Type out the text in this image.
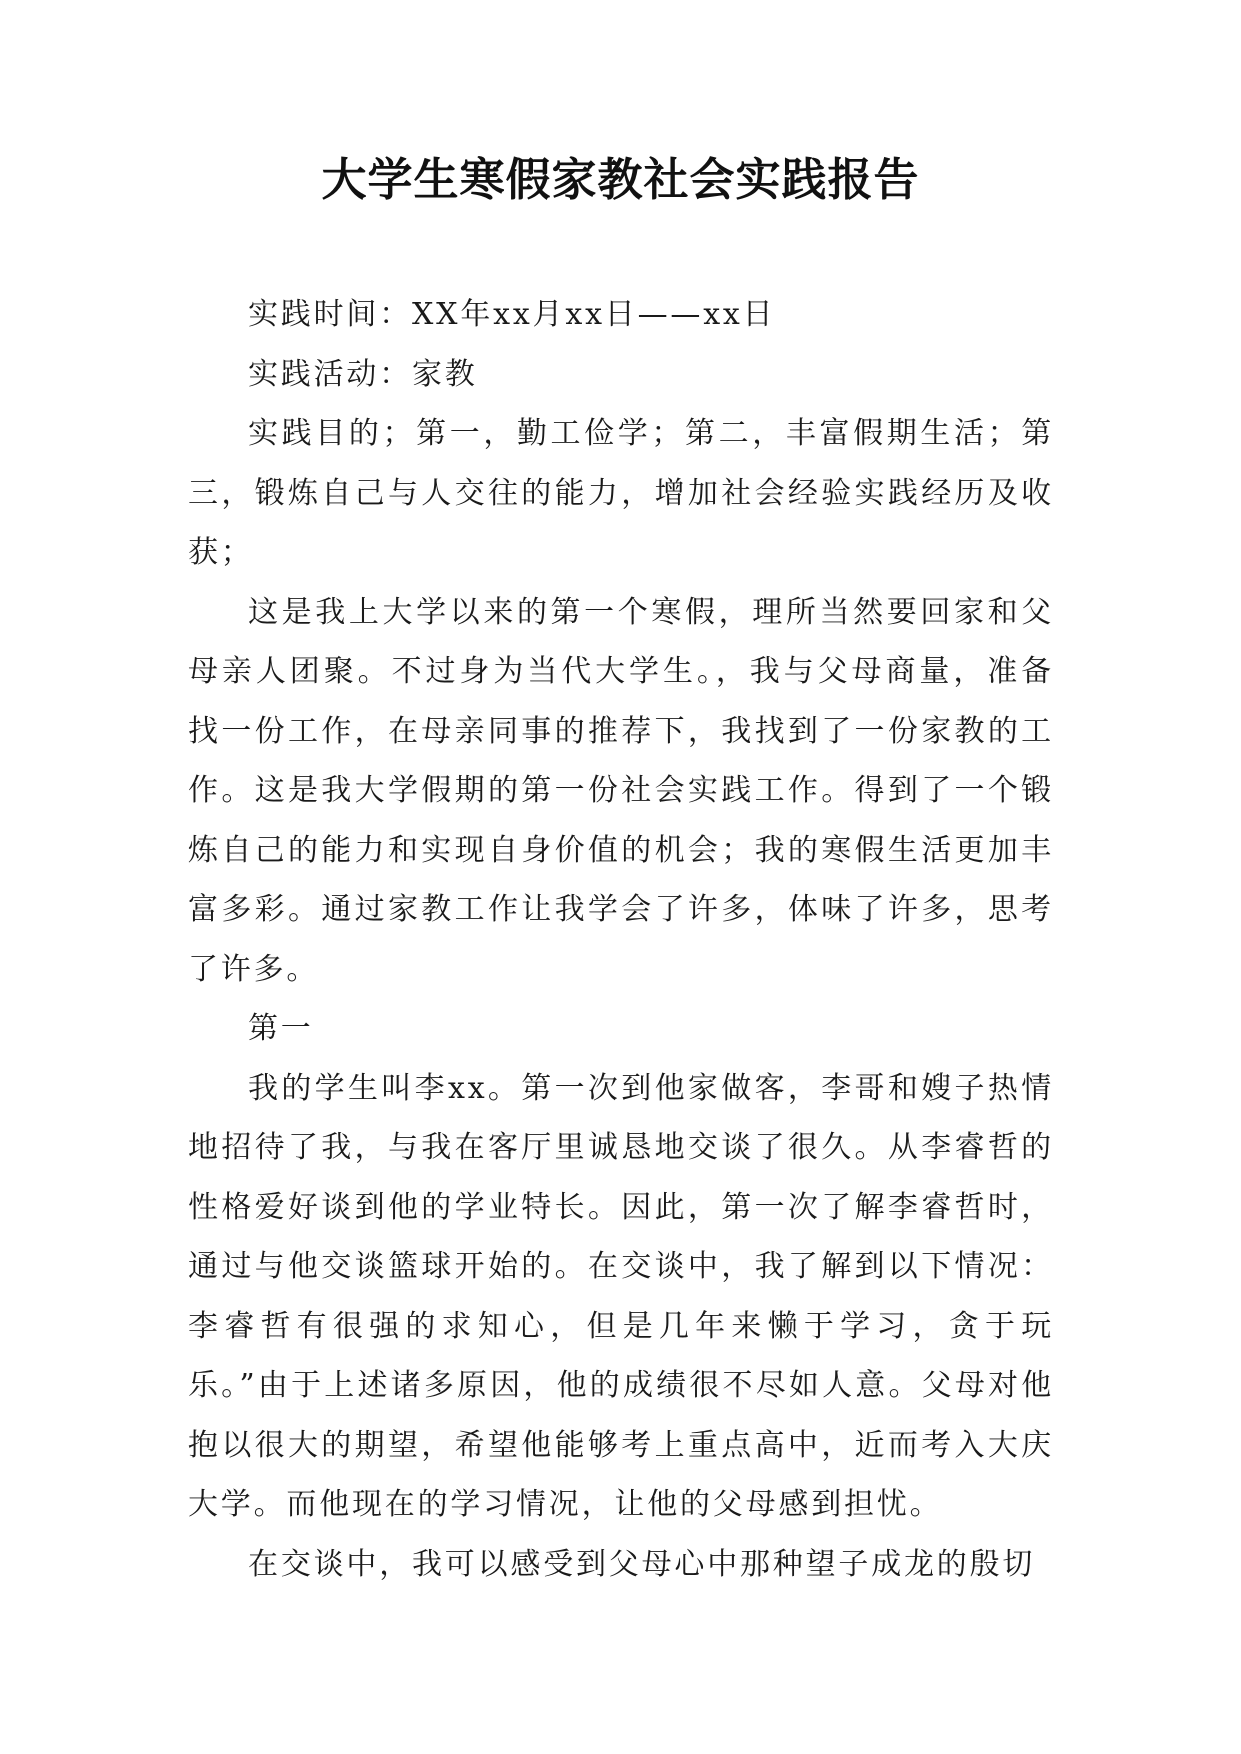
大学生寒假家教社会实践报告

实践时间：XX年xx月xx日——xx日

实践活动：家教

实践目的；第一，勤工俭学；第二，丰富假期生活；第三，锻炼自己与人交往的能力，增加社会经验实践经历及收获；

这是我上大学以来的第一个寒假，理所当然要回家和父母亲人团聚。不过身为当代大学生。，我与父母商量，准备找一份工作，在母亲同事的推荐下，我找到了一份家教的工作。这是我大学假期的第一份社会实践工作。得到了一个锻炼自己的能力和实现自身价值的机会；我的寒假生活更加丰富多彩。通过家教工作让我学会了许多，体味了许多，思考了许多。

第一

我的学生叫李xx。第一次到他家做客，李哥和嫂子热情地招待了我，与我在客厅里诚恳地交谈了很久。从李睿哲的性格爱好谈到他的学业特长。因此，第一次了解李睿哲时，通过与他交谈篮球开始的。在交谈中，我了解到以下情况：李睿哲有很强的求知心，但是几年来懒于学习，贪于玩乐。”由于上述诸多原因，他的成绩很不尽如人意。父母对他抱以很大的期望，希望他能够考上重点高中，近而考入大庆大学。而他现在的学习情况，让他的父母感到担忧。

在交谈中，我可以感受到父母心中那种望子成龙的殷切
